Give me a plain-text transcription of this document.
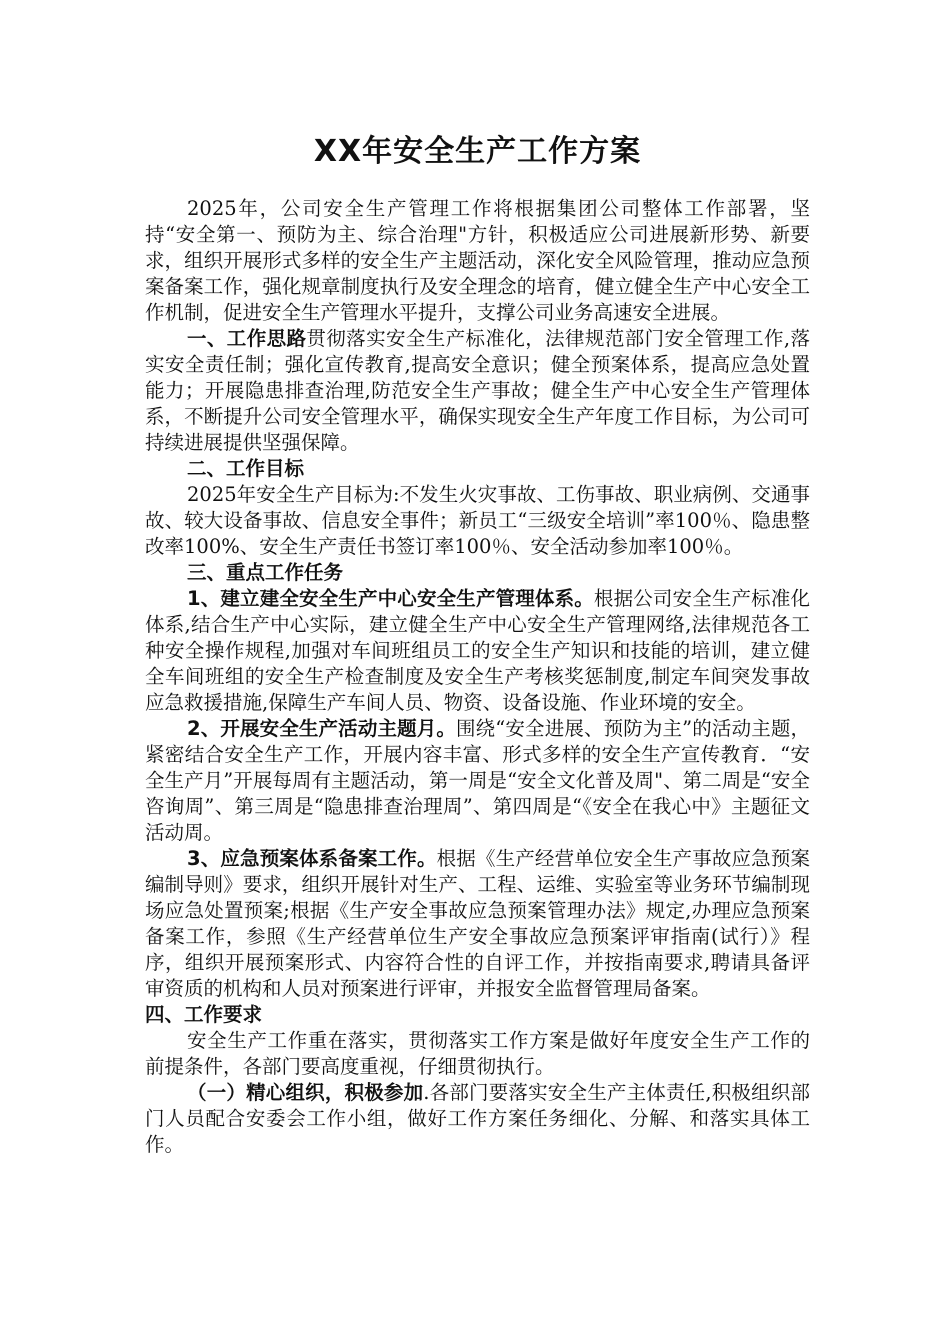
XX年安全生产工作方案

2025年，公司安全生产管理工作将根据集团公司整体工作部署，坚持“安全第一、预防为主、综合治理"方针，积极适应公司进展新形势、新要求，组织开展形式多样的安全生产主题活动，深化安全风险管理，推动应急预案备案工作，强化规章制度执行及安全理念的培育，健立健全生产中心安全工作机制，促进安全生产管理水平提升，支撑公司业务高速安全进展。

一、工作思路贯彻落实安全生产标准化，法律规范部门安全管理工作,落实安全责任制；强化宣传教育,提高安全意识；健全预案体系，提高应急处置能力；开展隐患排查治理,防范安全生产事故；健全生产中心安全生产管理体系，不断提升公司安全管理水平，确保实现安全生产年度工作目标，为公司可持续进展提供坚强保障。

二、工作目标

2025年安全生产目标为:不发生火灾事故、工伤事故、职业病例、交通事故、较大设备事故、信息安全事件；新员工“三级安全培训”率100％、隐患整改率100%、安全生产责任书签订率100％、安全活动参加率100％。

三、重点工作任务

1、建立建全安全生产中心安全生产管理体系。根据公司安全生产标准化体系,结合生产中心实际，建立健全生产中心安全生产管理网络,法律规范各工种安全操作规程,加强对车间班组员工的安全生产知识和技能的培训，建立健全车间班组的安全生产检查制度及安全生产考核奖惩制度,制定车间突发事故应急救援措施,保障生产车间人员、物资、设备设施、作业环境的安全。

2、开展安全生产活动主题月。围绕“安全进展、预防为主”的活动主题，紧密结合安全生产工作，开展内容丰富、形式多样的安全生产宣传教育．“安全生产月”开展每周有主题活动，第一周是“安全文化普及周"、第二周是“安全咨询周”、第三周是“隐患排查治理周”、第四周是“《安全在我心中》主题征文活动周。

3、应急预案体系备案工作。根据《生产经营单位安全生产事故应急预案编制导则》要求，组织开展针对生产、工程、运维、实验室等业务环节编制现场应急处置预案;根据《生产安全事故应急预案管理办法》规定,办理应急预案备案工作，参照《生产经营单位生产安全事故应急预案评审指南(试行）》程序，组织开展预案形式、内容符合性的自评工作，并按指南要求,聘请具备评审资质的机构和人员对预案进行评审，并报安全监督管理局备案。

四、工作要求

安全生产工作重在落实，贯彻落实工作方案是做好年度安全生产工作的前提条件，各部门要高度重视，仔细贯彻执行。

（一）精心组织，积极参加.各部门要落实安全生产主体责任,积极组织部门人员配合安委会工作小组，做好工作方案任务细化、分解、和落实具体工作。
